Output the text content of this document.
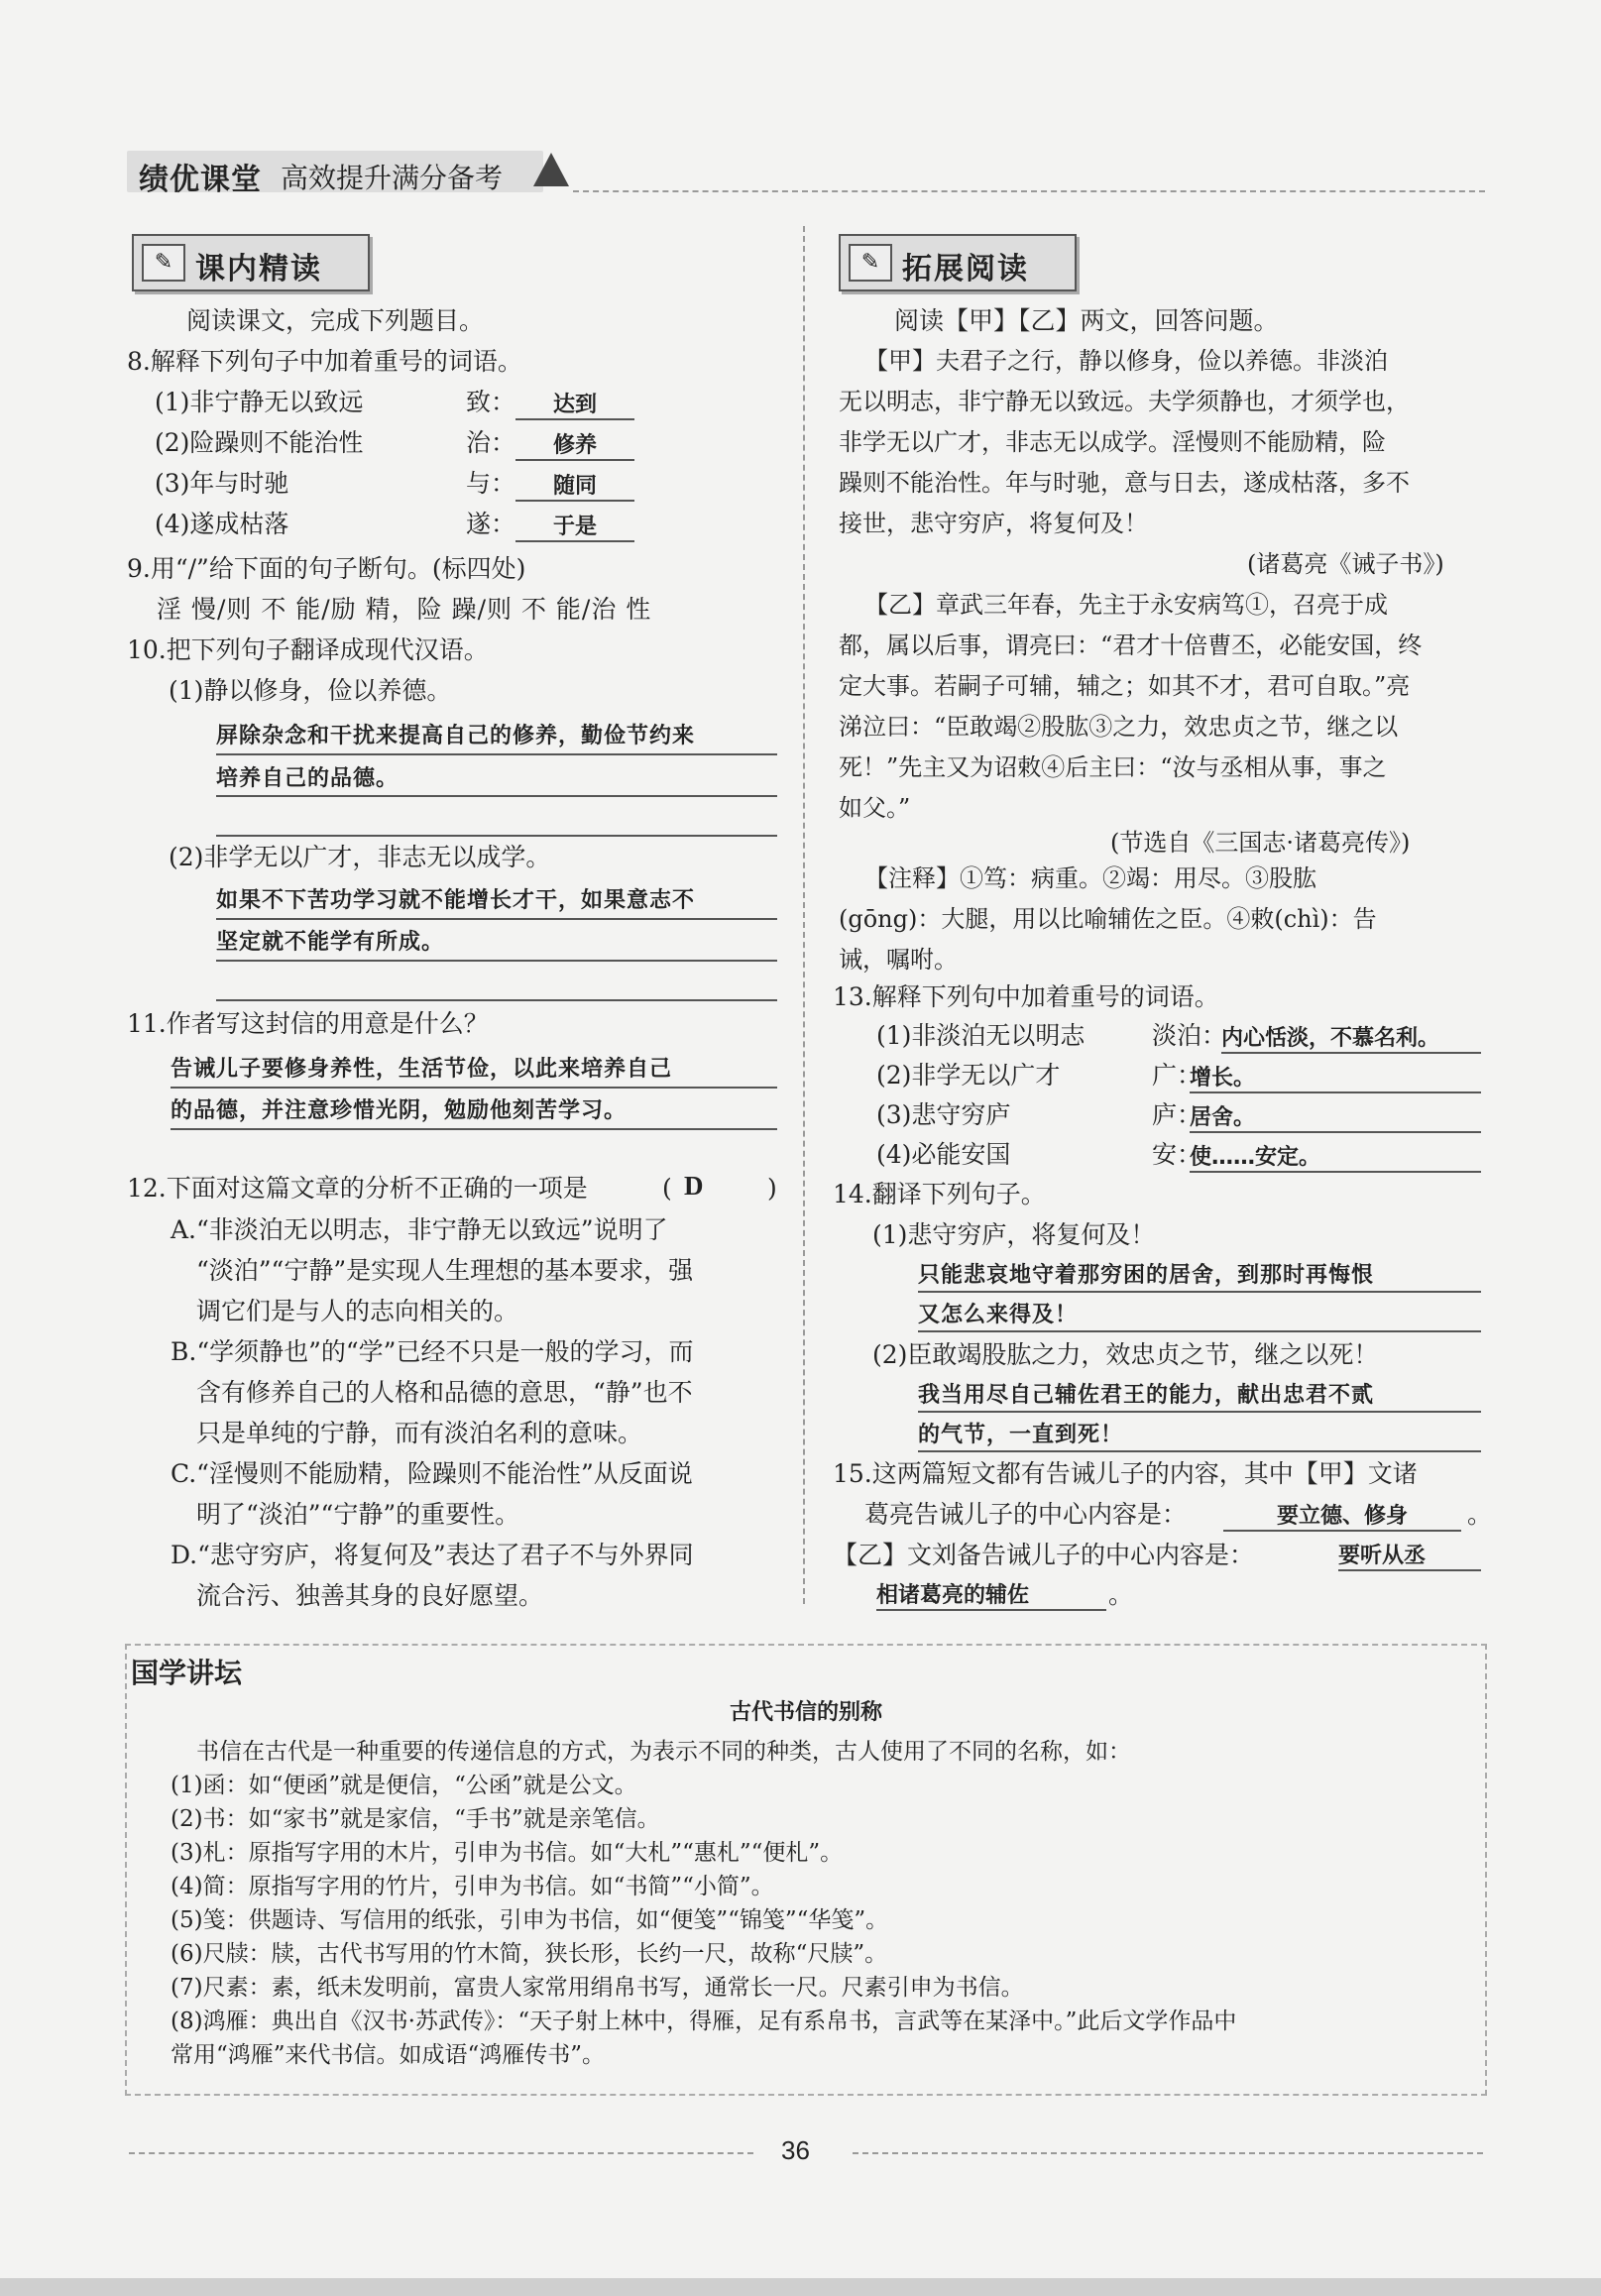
绩优课堂 高效提升满分备考
✎ 课内精读
阅读课文，完成下列题目。
8.解释下列句子中加着重号的词语。
(1)非宁静无以致远	致：	达到
(2)险躁则不能治性	治：	修养
(3)年与时驰	与：	随同
(4)遂成枯落	遂：	于是
9.用“/”给下面的句子断句。(标四处)
淫 慢/则 不 能/励 精，险 躁/则 不 能/治 性
10.把下列句子翻译成现代汉语。
(1)静以修身，俭以养德。
屏除杂念和干扰来提高自己的修养，勤俭节约来
培养自己的品德。
(2)非学无以广才，非志无以成学。
如果不下苦功学习就不能增长才干，如果意志不
坚定就不能学有所成。
11.作者写这封信的用意是什么？
告诫儿子要修身养性，生活节俭，以此来培养自己
的品德，并注意珍惜光阴，勉励他刻苦学习。
12.下面对这篇文章的分析不正确的一项是	D
(	)
A.“非淡泊无以明志，非宁静无以致远”说明了
“淡泊”“宁静”是实现人生理想的基本要求，强
调它们是与人的志向相关的。
B.“学须静也”的“学”已经不只是一般的学习，而
含有修养自己的人格和品德的意思，“静”也不
只是单纯的宁静，而有淡泊名利的意味。
C.“淫慢则不能励精，险躁则不能治性”从反面说
明了“淡泊”“宁静”的重要性。
D.“悲守穷庐，将复何及”表达了君子不与外界同
流合污、独善其身的良好愿望。
✎ 拓展阅读
阅读【甲】【乙】两文，回答问题。
【甲】夫君子之行，静以修身，俭以养德。非淡泊
无以明志，非宁静无以致远。夫学须静也，才须学也，
非学无以广才，非志无以成学。淫慢则不能励精，险
躁则不能治性。年与时驰，意与日去，遂成枯落，多不
接世，悲守穷庐，将复何及！
(诸葛亮《诫子书》)
【乙】章武三年春，先主于永安病笃①，召亮于成
都，属以后事，谓亮曰：“君才十倍曹丕，必能安国，终
定大事。若嗣子可辅，辅之；如其不才，君可自取。”亮
涕泣曰：“臣敢竭②股肱③之力，效忠贞之节，继之以
死！”先主又为诏敕④后主曰：“汝与丞相从事，事之
如父。”
(节选自《三国志·诸葛亮传》)
【注释】①笃：病重。②竭：用尽。③股肱
(gōng)：大腿，用以比喻辅佐之臣。④敕(chì)：告
诫，嘱咐。
13.解释下列句中加着重号的词语。
(1)非淡泊无以明志	淡泊：
内心恬淡，不慕名利。
(2)非学无以广才	广：
增长。
(3)悲守穷庐	庐：
居舍。
(4)必能安国	安：
使……安定。
14.翻译下列句子。
(1)悲守穷庐，将复何及！
只能悲哀地守着那穷困的居舍，到那时再悔恨
又怎么来得及！
(2)臣敢竭股肱之力，效忠贞之节，继之以死！
我当用尽自己辅佐君王的能力，献出忠君不贰
的气节，一直到死！
15.这两篇短文都有告诫儿子的内容，其中【甲】文诸
葛亮告诫儿子的中心内容是：	要立德、修身	。
【乙】文刘备告诫儿子的中心内容是：	要听从丞
相诸葛亮的辅佐	。
国学讲坛
古代书信的别称
书信在古代是一种重要的传递信息的方式，为表示不同的种类，古人使用了不同的名称，如：
(1)函：如“便函”就是便信，“公函”就是公文。
(2)书：如“家书”就是家信，“手书”就是亲笔信。
(3)札：原指写字用的木片，引申为书信。如“大札”“惠札”“便札”。
(4)简：原指写字用的竹片，引申为书信。如“书简”“小简”。
(5)笺：供题诗、写信用的纸张，引申为书信，如“便笺”“锦笺”“华笺”。
(6)尺牍：牍，古代书写用的竹木简，狭长形，长约一尺，故称“尺牍”。
(7)尺素：素，纸未发明前，富贵人家常用绢帛书写，通常长一尺。尺素引申为书信。
(8)鸿雁：典出自《汉书·苏武传》：“天子射上林中，得雁，足有系帛书，言武等在某泽中。”此后文学作品中
常用“鸿雁”来代书信。如成语“鸿雁传书”。
36
